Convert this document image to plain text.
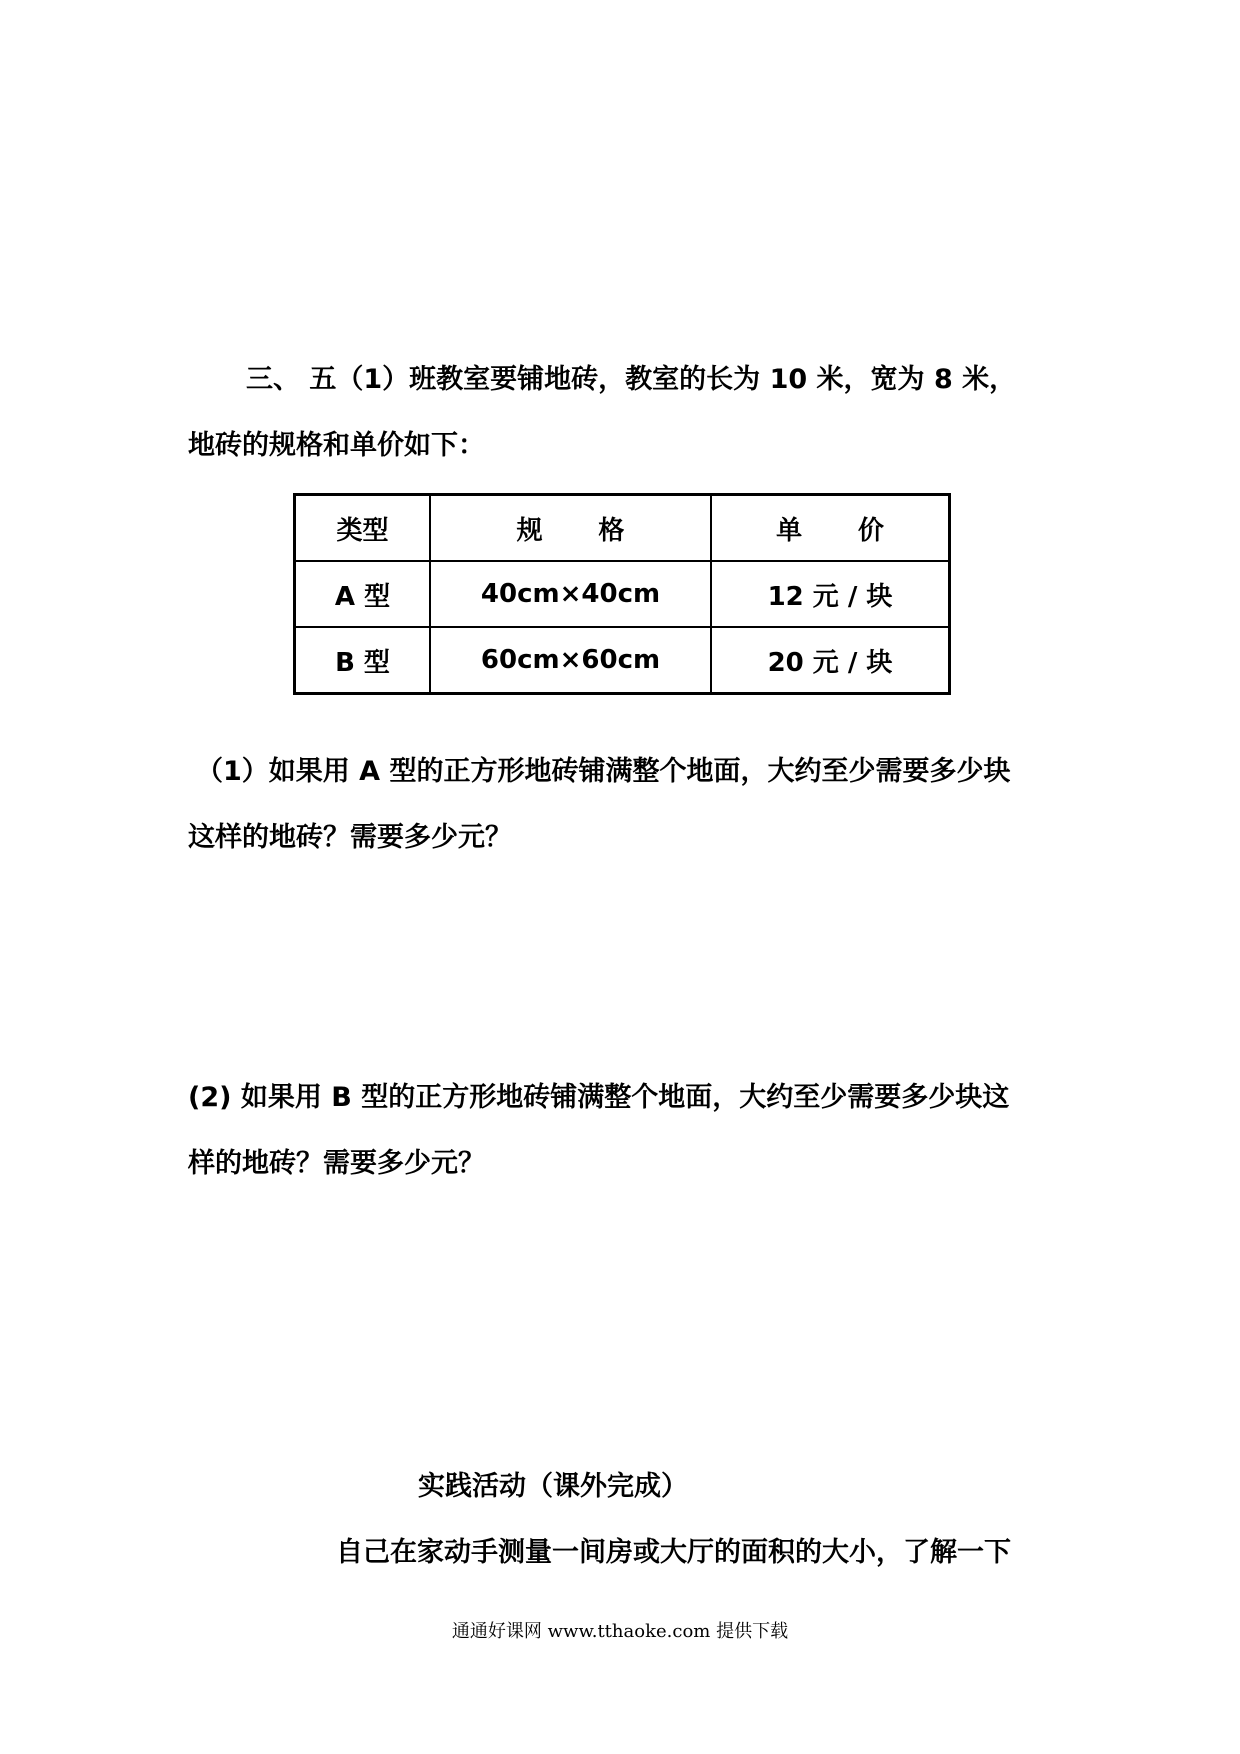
三、 五（1）班教室要铺地砖，教室的长为 10 米，宽为 8 米，
地砖的规格和单价如下：
类型	规 格	单 价
A 型	40cm×40cm	12 元 / 块
B 型	60cm×60cm	20 元 / 块
（1）如果用 A 型的正方形地砖铺满整个地面，大约至少需要多少块
这样的地砖？需要多少元？
(2) 如果用 B 型的正方形地砖铺满整个地面，大约至少需要多少块这
样的地砖？需要多少元？
实践活动（课外完成）
自己在家动手测量一间房或大厅的面积的大小，了解一下
通通好课网 www.tthaoke.com 提供下载
